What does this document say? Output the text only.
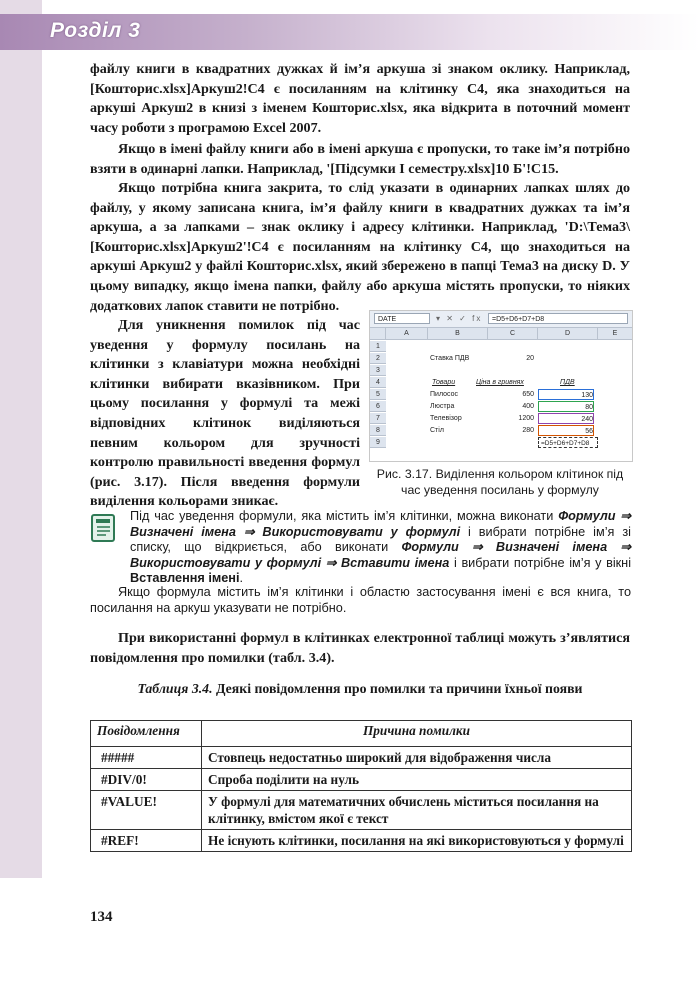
Розділ 3

файлу книги в квадратних дужках й ім’я аркуша зі знаком оклику. Наприклад, [Кошторис.xlsx]Аркуш2!C4 є посиланням на клітинку C4, яка знаходиться на аркуші Аркуш2 в книзі з іменем Кошторис.xlsx, яка відкрита в поточний момент часу роботи з програмою Excel 2007.

Якщо в імені файлу книги або в імені аркуша є пропуски, то таке ім’я потрібно взяти в одинарні лапки. Наприклад, '[Підсумки I семестру.xlsx]10 Б'!C15.

Якщо потрібна книга закрита, то слід указати в одинарних лапках шлях до файлу, у якому записана книга, ім’я файлу книги в квадратних дужках та ім’я аркуша, а за лапками – знак оклику і адресу клітинки. Наприклад, 'D:\Тема3\[Кошторис.xlsx]Аркуш2'!C4 є посиланням на клітинку C4, що знаходиться на аркуші Аркуш2 у файлі Кошторис.xlsx, який збережено в папці Тема3 на диску D. У цьому випадку, якщо імена папки, файлу або аркуша містять пропуски, то ніяких додаткових лапок ставити не потрібно.

Для уникнення помилок під час уведення у формулу посилань на клітинки з клавіатури можна необхідні клітинки вибирати вказівником. При цьому посилання у формулі та межі відповідних клітинок виділяються певним кольором для зручності контролю правильності введення формул (рис. 3.17). Після введення формули виділення кольорами зникає.

DATE	▾ ✕ ✓ fx	=D5+D6+D7+D8
A	B	C	D	E
1
2
3
4
5
6
7
8
9
Ставка ПДВ	20
Товари	Ціна в гривнях	ПДВ
Пилосос	650	130
Люстра	400	80
Телевізор	1200	240
Стіл	280	56
=D5+D6+D7+D8
Рис. 3.17. Виділення кольором клітинок під час уведення посилань у формулу

Під час уведення формули, яка містить ім’я клітинки, можна виконати Формули ⇒ Визначені імена ⇒ Використовувати у формулі і вибрати потрібне ім’я зі списку, що відкриється, або виконати Формули ⇒ Визначені імена ⇒ Використовувати у формулі ⇒ Вставити імена і вибрати потрібне ім’я у вікні Вставлення імені.

Якщо формула містить ім’я клітинки і областю застосування імені є вся книга, то посилання на аркуш указувати не потрібно.

При використанні формул в клітинках електронної таблиці можуть з’являтися повідомлення про помилки (табл. 3.4).

Таблиця 3.4. Деякі повідомлення про помилки та причини їхньої появи
Повідомлення	Причина помилки
#####	Стовпець недостатньо широкий для відображення числа
#DIV/0!	Спроба поділити на нуль
#VALUE!	У формулі для математичних обчислень міститься посилання на клітинку, вмістом якої є текст
#REF!	Не існують клітинки, посилання на які використовуються у формулі
134
